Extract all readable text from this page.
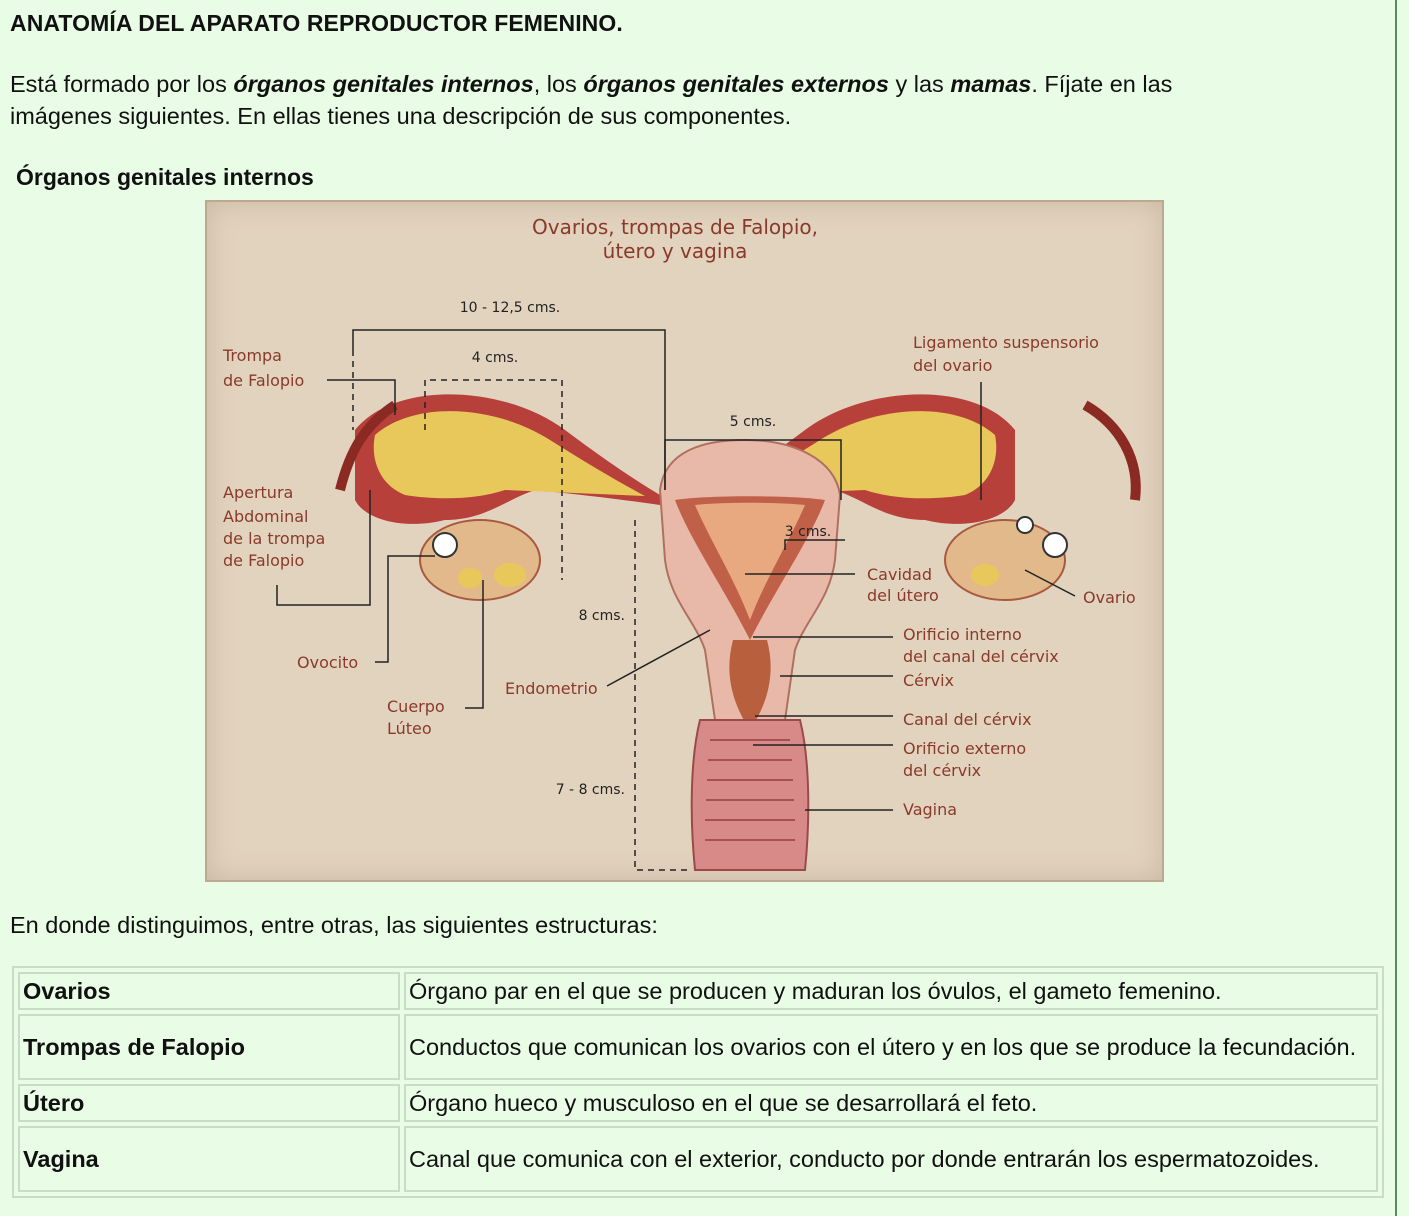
ANATOMÍA DEL APARATO REPRODUCTOR FEMENINO.
Está formado por los órganos genitales internos, los órganos genitales externos y las mamas. Fíjate en las
imágenes siguientes. En ellas tienes una descripción de sus componentes.
Órganos genitales internos
Ovarios, trompas de Falopio,
útero y vagina
10 - 12,5 cms.
4 cms.
5 cms.
3 cms.
8 cms.
7 - 8 cms.
Trompa
de Falopio
Apertura
Abdominal
de la trompa
de Falopio
Ovocito
Cuerpo
Lúteo
Endometrio
Ligamento suspensorio
del ovario
Cavidad
del útero	Ovario
Orificio interno
del canal del cérvix
Cérvix
Canal del cérvix
Orificio externo
del cérvix
Vagina

En donde distinguimos, entre otras, las siguientes estructuras:

Ovarios	Órgano par en el que se producen y maduran los óvulos, el gameto femenino.
Trompas de Falopio	Conductos que comunican los ovarios con el útero y en los que se produce la fecundación.
Útero	Órgano hueco y musculoso en el que se desarrollará el feto.
Vagina	Canal que comunica con el exterior, conducto por donde entrarán los espermatozoides.
